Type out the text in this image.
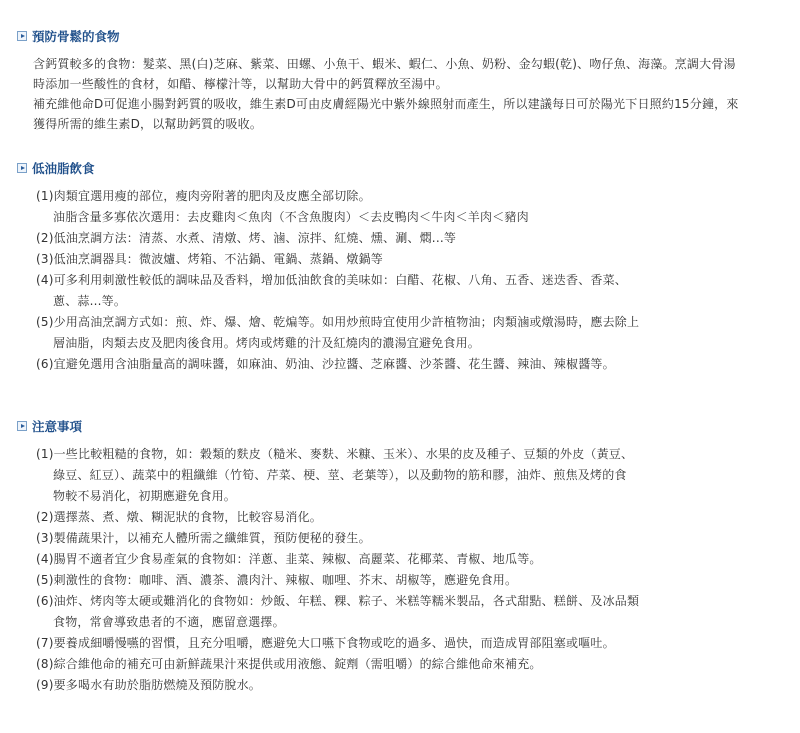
預防骨鬆的食物

含鈣質較多的食物：髮菜、黑(白)芝麻、紫菜、田螺、小魚干、蝦米、蝦仁、小魚、奶粉、金勾蝦(乾)、吻仔魚、海藻。烹調大骨湯時添加一些酸性的食材，如醋、檸檬汁等，以幫助大骨中的鈣質釋放至湯中。

補充維他命D可促進小腸對鈣質的吸收，維生素D可由皮膚經陽光中紫外線照射而產生，所以建議每日可於陽光下日照約15分鐘，來獲得所需的維生素D，以幫助鈣質的吸收。

低油脂飲食
(1)肉類宜選用瘦的部位，瘦肉旁附著的肥肉及皮應全部切除。
油脂含量多寡依次選用：去皮雞肉＜魚肉（不含魚腹肉）＜去皮鴨肉＜牛肉＜羊肉＜豬肉
(2)低油烹調方法：清蒸、水煮、清燉、烤、滷、涼拌、紅燒、燻、涮、燜...等
(3)低油烹調器具：微波爐、烤箱、不沾鍋、電鍋、蒸鍋、燉鍋等
(4)可多利用刺激性較低的調味品及香料，增加低油飲食的美味如：白醋、花椒、八角、五香、迷迭香、香菜、
蔥、蒜...等。
(5)少用高油烹調方式如：煎、炸、爆、燴、乾煸等。如用炒煎時宜使用少許植物油；肉類滷或燉湯時，應去除上
層油脂，肉類去皮及肥肉後食用。烤肉或烤雞的汁及紅燒肉的濃湯宜避免食用。
(6)宜避免選用含油脂量高的調味醬，如麻油、奶油、沙拉醬、芝麻醬、沙茶醬、花生醬、辣油、辣椒醬等。
注意事項
(1)一些比較粗糙的食物，如：穀類的麩皮（糙米、麥麩、米糠、玉米）、水果的皮及種子、豆類的外皮（黃豆、
綠豆、紅豆）、蔬菜中的粗纖維（竹筍、芹菜、梗、莖、老葉等），以及動物的筋和膠，油炸、煎焦及烤的食
物較不易消化，初期應避免食用。
(2)選擇蒸、煮、燉、糊泥狀的食物，比較容易消化。
(3)製備蔬果汁，以補充人體所需之纖維質，預防便秘的發生。
(4)腸胃不適者宜少食易產氣的食物如：洋蔥、韭菜、辣椒、高麗菜、花椰菜、青椒、地瓜等。
(5)刺激性的食物：咖啡、酒、濃茶、濃肉汁、辣椒、咖哩、芥末、胡椒等，應避免食用。
(6)油炸、烤肉等太硬或難消化的食物如：炒飯、年糕、粿、粽子、米糕等糯米製品，各式甜點、糕餅、及冰品類
食物，常會導致患者的不適，應留意選擇。
(7)要養成細嚼慢嚥的習慣，且充分咀嚼，應避免大口嚥下食物或吃的過多、過快，而造成胃部阻塞或嘔吐。
(8)綜合維他命的補充可由新鮮蔬果汁來提供或用液態、錠劑（需咀嚼）的綜合維他命來補充。
(9)要多喝水有助於脂肪燃燒及預防脫水。
